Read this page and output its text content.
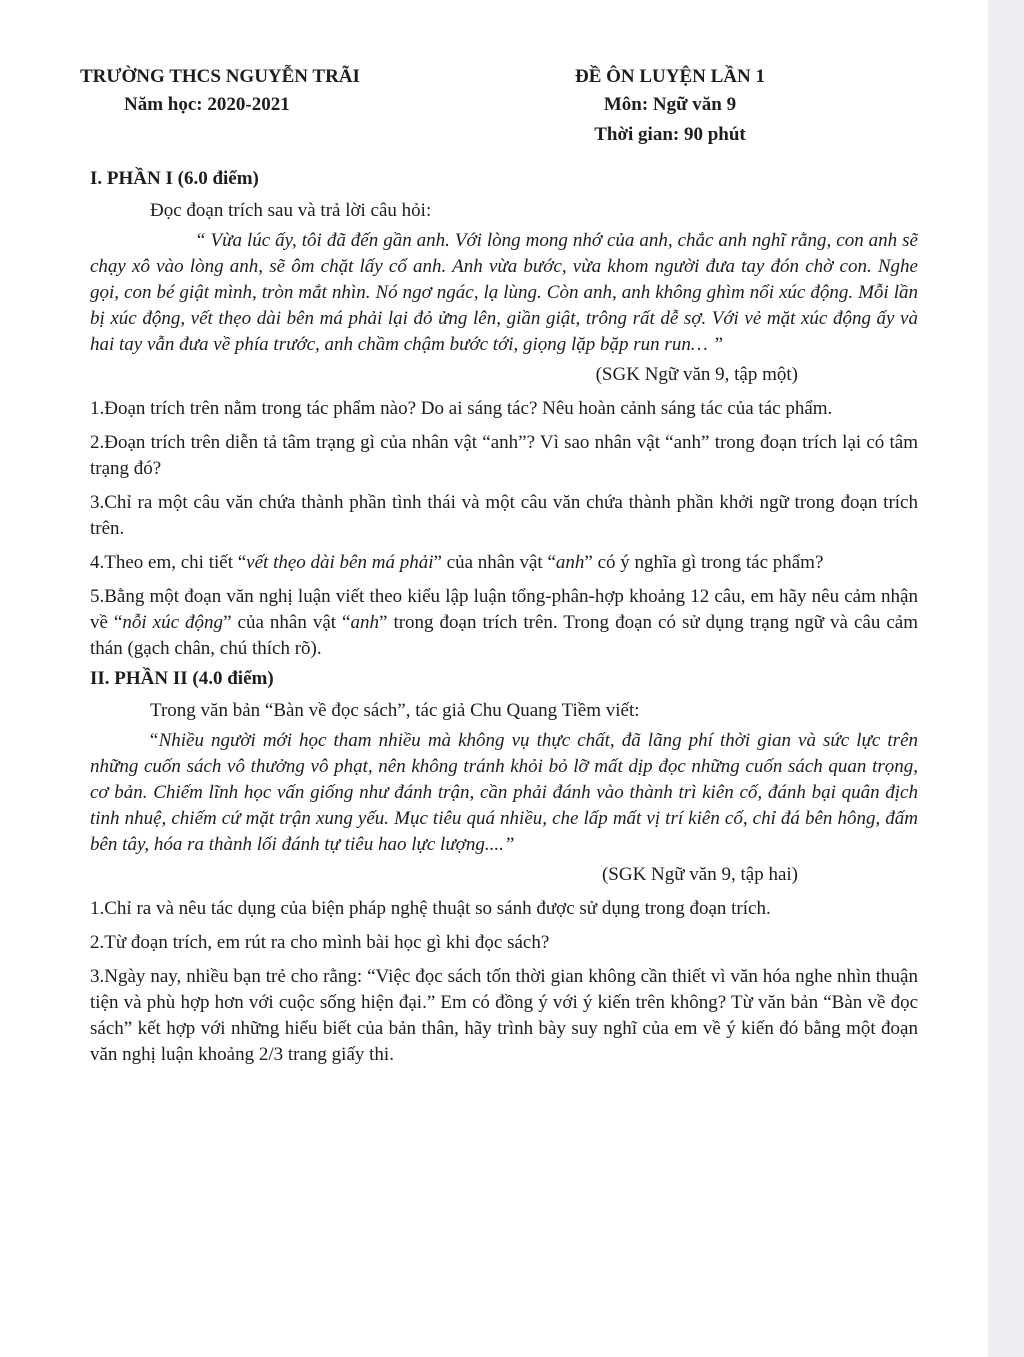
TRƯỜNG THCS NGUYỄN TRÃI
Năm học: 2020-2021
ĐỀ ÔN LUYỆN LẦN 1
Môn: Ngữ văn 9
Thời gian: 90 phút

I. PHẦN I (6.0 điểm)

Đọc đoạn trích sau và trả lời câu hỏi:

“ Vừa lúc ấy, tôi đã đến gần anh. Với lòng mong nhớ của anh, chắc anh nghĩ rằng, con anh sẽ chạy xô vào lòng anh, sẽ ôm chặt lấy cổ anh. Anh vừa bước, vừa khom người đưa tay đón chờ con. Nghe gọi, con bé giật mình, tròn mắt nhìn. Nó ngơ ngác, lạ lùng. Còn anh, anh không ghìm nổi xúc động. Mỗi lần bị xúc động, vết thẹo dài bên má phải lại đỏ ửng lên, giần giật, trông rất dễ sợ. Với vẻ mặt xúc động ấy và hai tay vẫn đưa về phía trước, anh chầm chậm bước tới, giọng lặp bặp run run… ”

(SGK Ngữ văn 9, tập một)

1.Đoạn trích trên nằm trong tác phẩm nào? Do ai sáng tác? Nêu hoàn cảnh sáng tác của tác phẩm.

2.Đoạn trích trên diễn tả tâm trạng gì của nhân vật “anh”? Vì sao nhân vật “anh” trong đoạn trích lại có tâm trạng đó?

3.Chỉ ra một câu văn chứa thành phần tình thái và một câu văn chứa thành phần khởi ngữ trong đoạn trích trên.

4.Theo em, chi tiết “vết thẹo dài bên má phải” của nhân vật “anh” có ý nghĩa gì trong tác phẩm?

5.Bằng một đoạn văn nghị luận viết theo kiểu lập luận tổng-phân-hợp khoảng 12 câu, em hãy nêu cảm nhận về “nỗi xúc động” của nhân vật “anh” trong đoạn trích trên. Trong đoạn có sử dụng trạng ngữ và câu cảm thán (gạch chân, chú thích rõ).

II. PHẦN II (4.0 điểm)

Trong văn bản “Bàn về đọc sách”, tác giả Chu Quang Tiềm viết:

“Nhiều người mới học tham nhiều mà không vụ thực chất, đã lãng phí thời gian và sức lực trên những cuốn sách vô thưởng vô phạt, nên không tránh khỏi bỏ lỡ mất dịp đọc những cuốn sách quan trọng, cơ bản. Chiếm lĩnh học vấn giống như đánh trận, cần phải đánh vào thành trì kiên cố, đánh bại quân địch tinh nhuệ, chiếm cứ mặt trận xung yếu. Mục tiêu quá nhiều, che lấp mất vị trí kiên cố, chỉ đá bên hông, đấm bên tây, hóa ra thành lối đánh tự tiêu hao lực lượng....”

(SGK Ngữ văn 9, tập hai)

1.Chỉ ra và nêu tác dụng của biện pháp nghệ thuật so sánh được sử dụng trong đoạn trích.

2.Từ đoạn trích, em rút ra cho mình bài học gì khi đọc sách?

3.Ngày nay, nhiều bạn trẻ cho rằng: “Việc đọc sách tốn thời gian không cần thiết vì văn hóa nghe nhìn thuận tiện và phù hợp hơn với cuộc sống hiện đại.” Em có đồng ý với ý kiến trên không? Từ văn bản “Bàn về đọc sách” kết hợp với những hiểu biết của bản thân, hãy trình bày suy nghĩ của em về ý kiến đó bằng một đoạn văn nghị luận khoảng 2/3 trang giấy thi.
